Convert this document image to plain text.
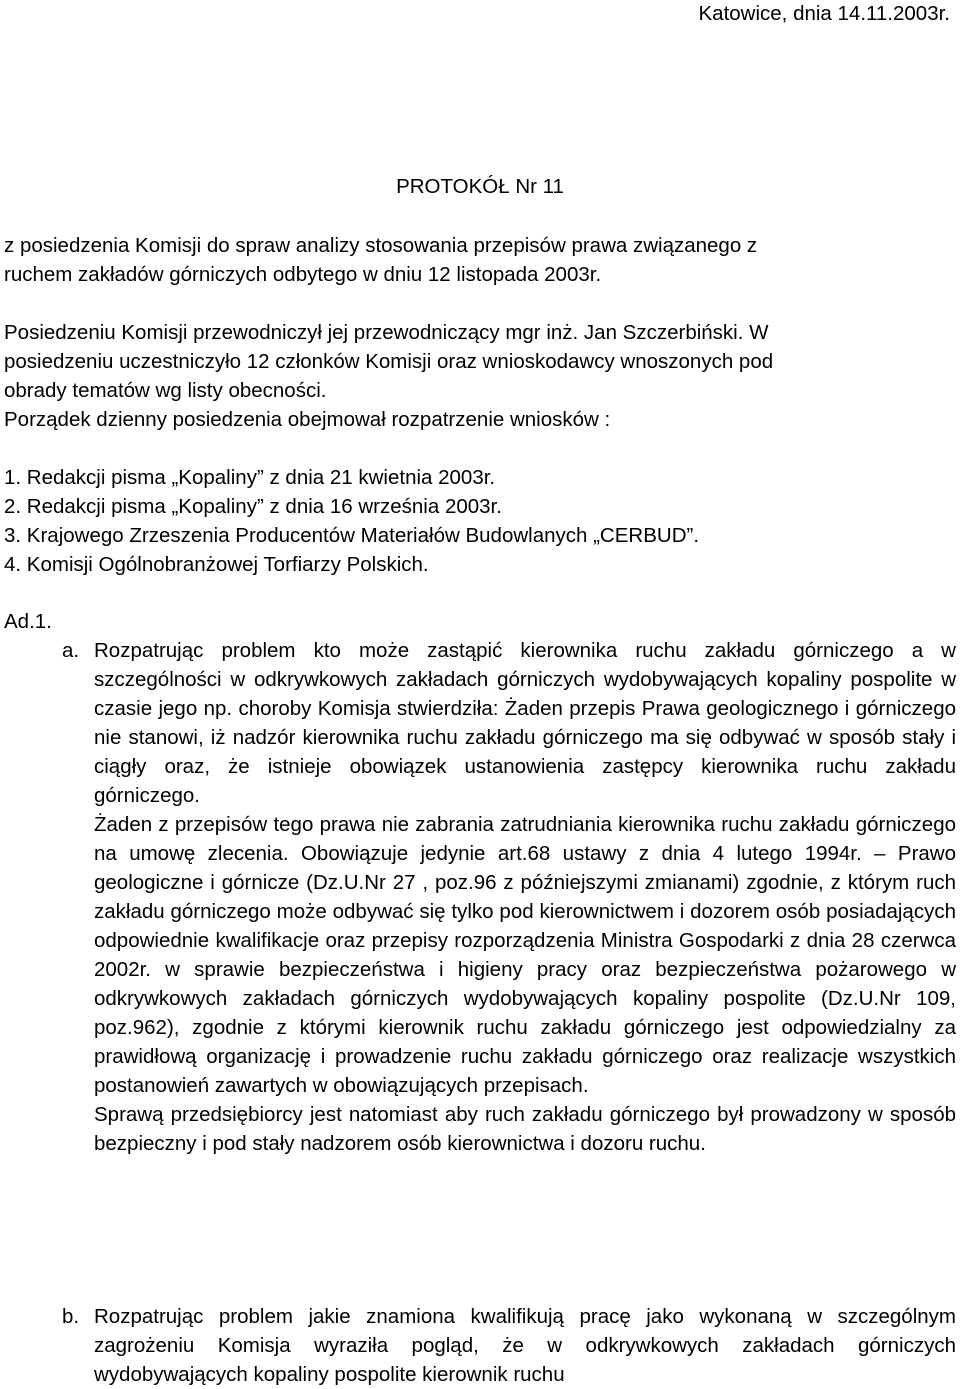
Katowice, dnia 14.11.2003r.
PROTOKÓŁ Nr 11

z posiedzenia Komisji do spraw analizy stosowania przepisów prawa związanego z

ruchem zakładów górniczych odbytego w dniu 12 listopada 2003r.

Posiedzeniu Komisji przewodniczył jej przewodniczący mgr inż. Jan Szczerbiński. W

posiedzeniu uczestniczyło 12 członków Komisji oraz wnioskodawcy wnoszonych pod

obrady tematów wg listy obecności.

Porządek dzienny posiedzenia obejmował rozpatrzenie wniosków :

1. Redakcji pisma „Kopaliny” z dnia 21 kwietnia 2003r.
2. Redakcji pisma „Kopaliny” z dnia 16 września 2003r.
3. Krajowego Zrzeszenia Producentów Materiałów Budowlanych „CERBUD”.
4. Komisji Ogólnobranżowej Torfiarzy Polskich.
Ad.1.
a. Rozpatrując problem kto może zastąpić kierownika ruchu zakładu górniczego a w szczególności w odkrywkowych zakładach górniczych wydobywających kopaliny pospolite w czasie jego np. choroby Komisja stwierdziła: Żaden przepis Prawa geologicznego i górniczego nie stanowi, iż nadzór kierownika ruchu zakładu górniczego ma się odbywać w sposób stały i ciągły oraz, że istnieje obowiązek ustanowienia zastępcy kierownika ruchu zakładu górniczego.

Żaden z przepisów tego prawa nie zabrania zatrudniania kierownika ruchu zakładu górniczego na umowę zlecenia. Obowiązuje jedynie art.68 ustawy z dnia 4 lutego 1994r. – Prawo geologiczne i górnicze (Dz.U.Nr 27 , poz.96 z późniejszymi zmianami) zgodnie, z którym ruch zakładu górniczego może odbywać się tylko pod kierownictwem i dozorem osób posiadających odpowiednie kwalifikacje oraz przepisy rozporządzenia Ministra Gospodarki z dnia 28 czerwca 2002r. w sprawie bezpieczeństwa i higieny pracy oraz bezpieczeństwa pożarowego w odkrywkowych zakładach górniczych wydobywających kopaliny pospolite (Dz.U.Nr 109, poz.962), zgodnie z którymi kierownik ruchu zakładu górniczego jest odpowiedzialny za prawidłową organizację i prowadzenie ruchu zakładu górniczego oraz realizacje wszystkich postanowień zawartych w obowiązujących przepisach.

Sprawą przedsiębiorcy jest natomiast aby ruch zakładu górniczego był prowadzony w sposób bezpieczny i pod stały nadzorem osób kierownictwa i dozoru ruchu.

b. Rozpatrując problem jakie znamiona kwalifikują pracę jako wykonaną w szczególnym zagrożeniu Komisja wyraziła pogląd, że w odkrywkowych zakładach górniczych wydobywających kopaliny pospolite kierownik ruchu
